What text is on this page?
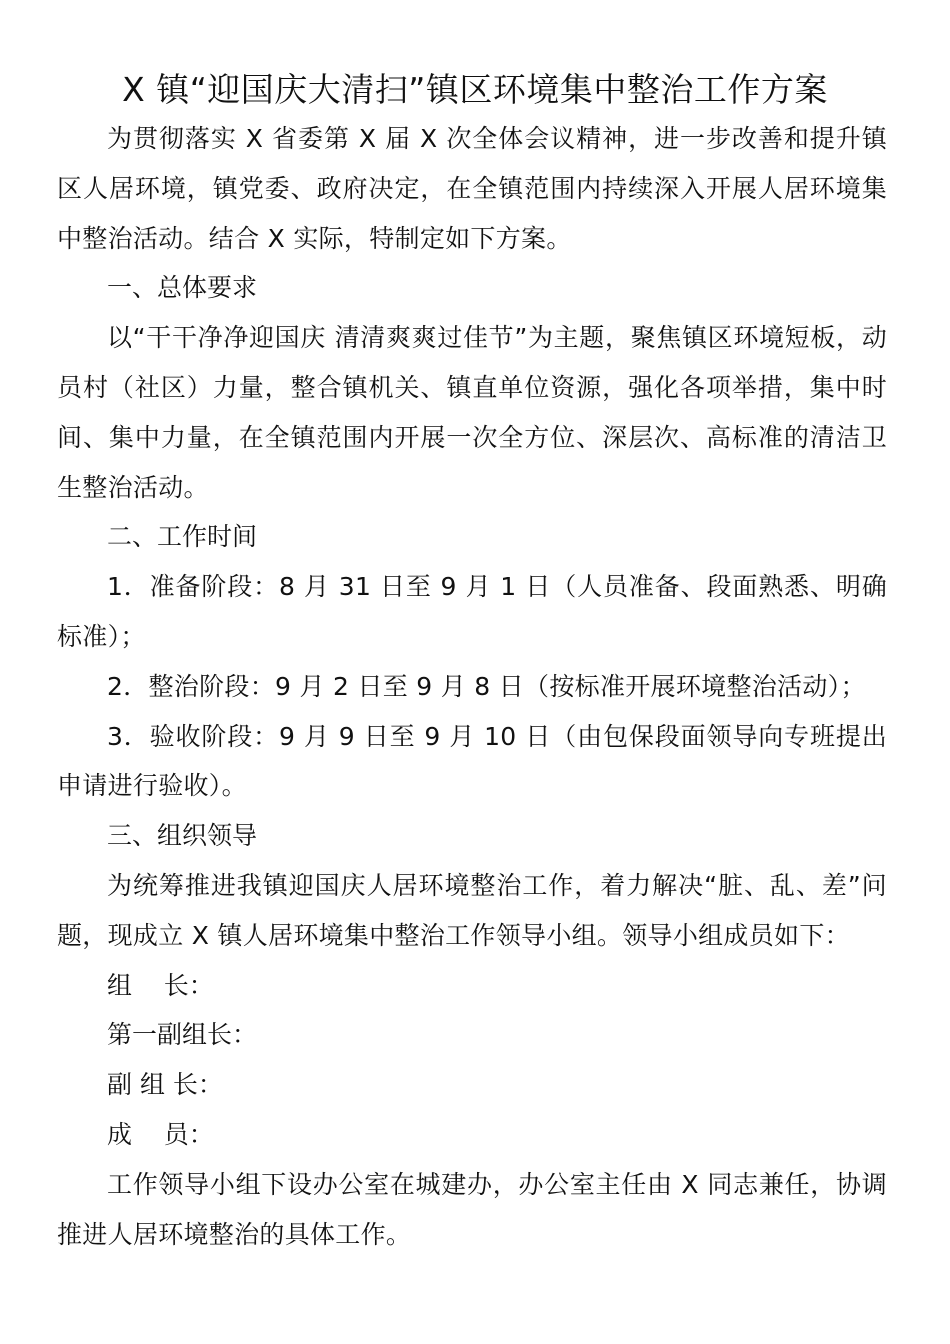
X 镇“迎国庆大清扫”镇区环境集中整治工作方案

为贯彻落实 X 省委第 X 届 X 次全体会议精神，进一步改善和提升镇区人居环境，镇党委、政府决定，在全镇范围内持续深入开展人居环境集中整治活动。结合 X 实际，特制定如下方案。

一、总体要求

以“干干净净迎国庆 清清爽爽过佳节”为主题，聚焦镇区环境短板，动员村（社区）力量，整合镇机关、镇直单位资源，强化各项举措，集中时间、集中力量，在全镇范围内开展一次全方位、深层次、高标准的清洁卫生整治活动。

二、工作时间

1．准备阶段：8 月 31 日至 9 月 1 日（人员准备、段面熟悉、明确标准）；

2．整治阶段：9 月 2 日至 9 月 8 日（按标准开展环境整治活动）；

3．验收阶段：9 月 9 日至 9 月 10 日（由包保段面领导向专班提出申请进行验收）。

三、组织领导

为统筹推进我镇迎国庆人居环境整治工作，着力解决“脏、乱、差”问题，现成立 X 镇人居环境集中整治工作领导小组。领导小组成员如下：

组    长：

第一副组长：

副 组 长：

成    员：

工作领导小组下设办公室在城建办，办公室主任由 X 同志兼任，协调推进人居环境整治的具体工作。
